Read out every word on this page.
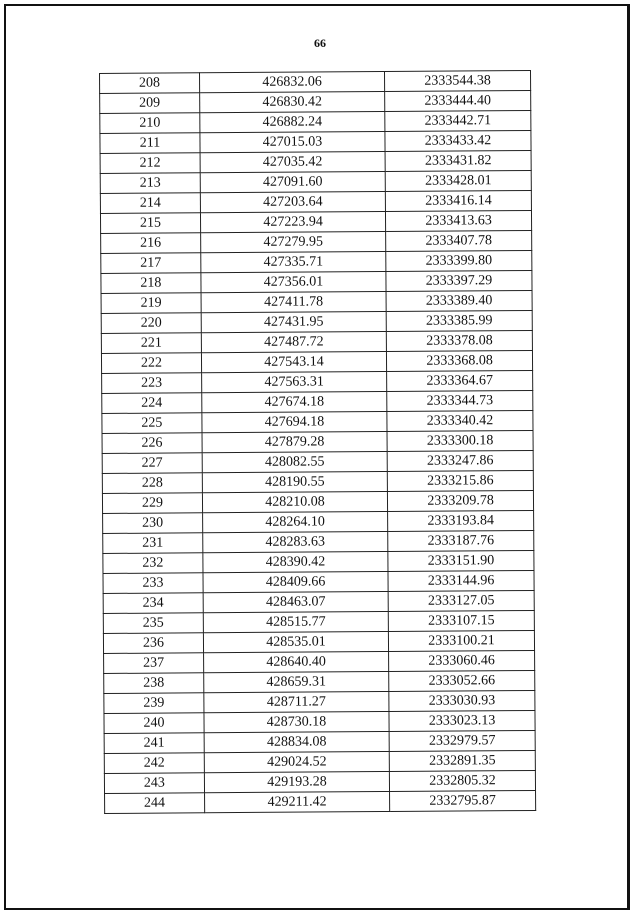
66
208	426832.06	2333544.38
209	426830.42	2333444.40
210	426882.24	2333442.71
211	427015.03	2333433.42
212	427035.42	2333431.82
213	427091.60	2333428.01
214	427203.64	2333416.14
215	427223.94	2333413.63
216	427279.95	2333407.78
217	427335.71	2333399.80
218	427356.01	2333397.29
219	427411.78	2333389.40
220	427431.95	2333385.99
221	427487.72	2333378.08
222	427543.14	2333368.08
223	427563.31	2333364.67
224	427674.18	2333344.73
225	427694.18	2333340.42
226	427879.28	2333300.18
227	428082.55	2333247.86
228	428190.55	2333215.86
229	428210.08	2333209.78
230	428264.10	2333193.84
231	428283.63	2333187.76
232	428390.42	2333151.90
233	428409.66	2333144.96
234	428463.07	2333127.05
235	428515.77	2333107.15
236	428535.01	2333100.21
237	428640.40	2333060.46
238	428659.31	2333052.66
239	428711.27	2333030.93
240	428730.18	2333023.13
241	428834.08	2332979.57
242	429024.52	2332891.35
243	429193.28	2332805.32
244	429211.42	2332795.87
